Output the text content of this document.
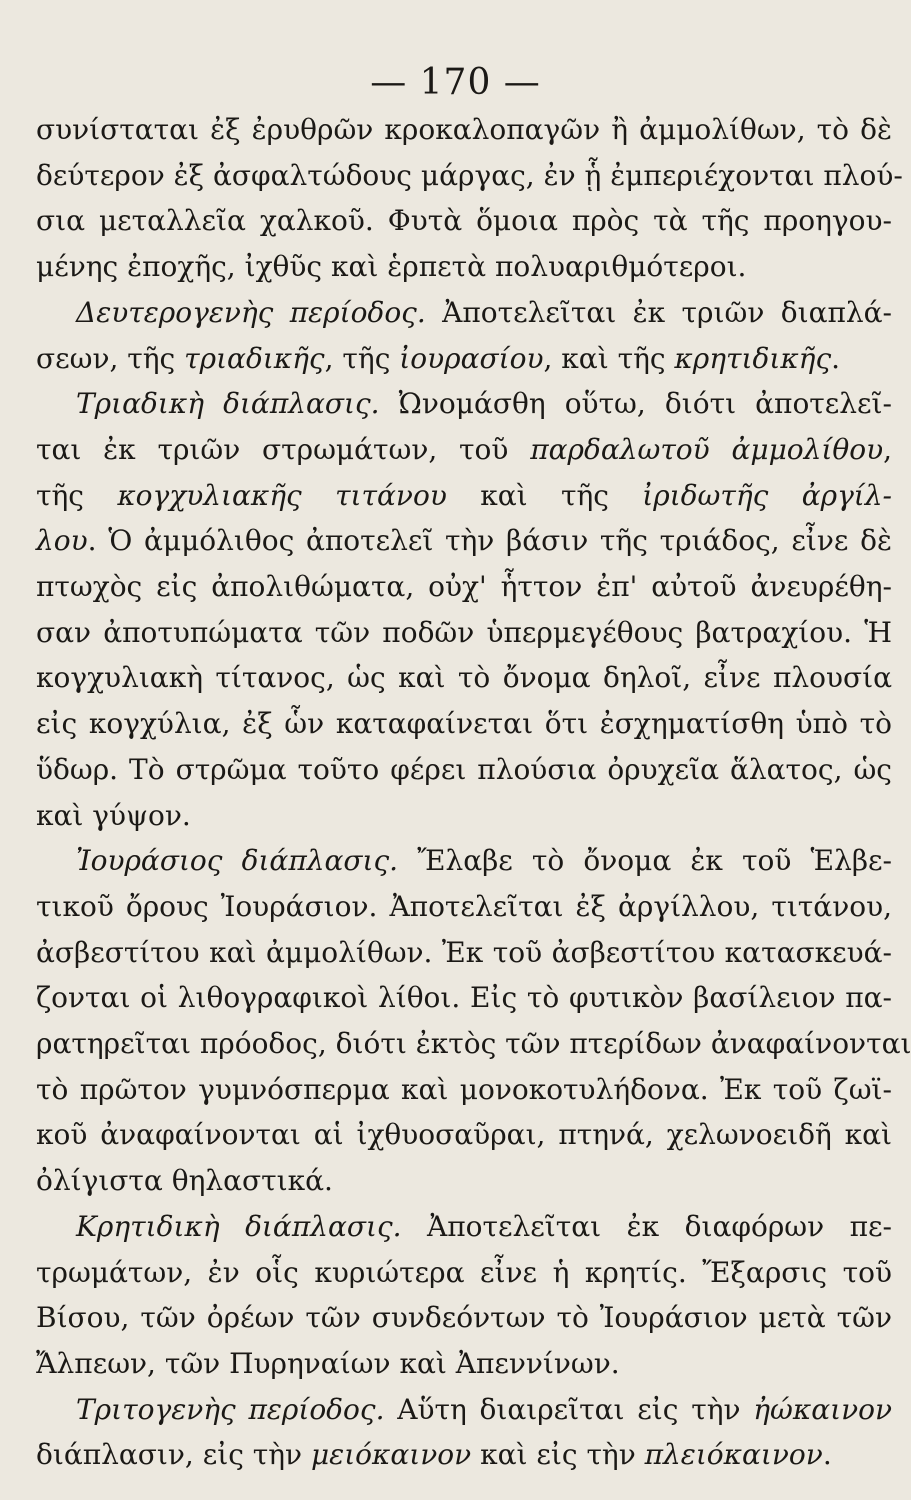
— 170 —
συνίσταται ἐξ ἐρυθρῶν κροκαλοπαγῶν ἢ ἀμμολίθων, τὸ δὲ
δεύτερον ἐξ ἀσφαλτώδους μάργας, ἐν ᾗ ἐμπεριέχονται πλού-
σια μεταλλεῖα χαλκοῦ. Φυτὰ ὅμοια πρὸς τὰ τῆς προηγου-
μένης ἐποχῆς, ἰχθῦς καὶ ἑρπετὰ πολυαριθμότεροι.
Δευτερογενὴς περίοδος. Ἀποτελεῖται ἐκ τριῶν διαπλά-
σεων, τῆς τριαδικῆς, τῆς ἰουρασίου, καὶ τῆς κρητιδικῆς.
Τριαδικὴ διάπλασις. Ὠνομάσθη οὕτω, διότι ἀποτελεῖ-
ται ἐκ τριῶν στρωμάτων, τοῦ παρδαλωτοῦ ἀμμολίθου,
τῆς κογχυλιακῆς τιτάνου καὶ τῆς ἰριδωτῆς ἀργίλ-
λου. Ὁ ἀμμόλιθος ἀποτελεῖ τὴν βάσιν τῆς τριάδος, εἶνε δὲ
πτωχὸς εἰς ἀπολιθώματα, οὐχ' ἧττον ἐπ' αὐτοῦ ἀνευρέθη-
σαν ἀποτυπώματα τῶν ποδῶν ὑπερμεγέθους βατραχίου. Ἡ
κογχυλιακὴ τίτανος, ὡς καὶ τὸ ὄνομα δηλοῖ, εἶνε πλουσία
εἰς κογχύλια, ἐξ ὧν καταφαίνεται ὅτι ἐσχηματίσθη ὑπὸ τὸ
ὕδωρ. Τὸ στρῶμα τοῦτο φέρει πλούσια ὀρυχεῖα ἅλατος, ὡς
καὶ γύψον.
Ἰουράσιος διάπλασις. Ἔλαβε τὸ ὄνομα ἐκ τοῦ Ἑλβε-
τικοῦ ὄρους Ἰουράσιον. Ἀποτελεῖται ἐξ ἀργίλλου, τιτάνου,
ἀσβεστίτου καὶ ἀμμολίθων. Ἐκ τοῦ ἀσβεστίτου κατασκευά-
ζονται οἱ λιθογραφικοὶ λίθοι. Εἰς τὸ φυτικὸν βασίλειον πα-
ρατηρεῖται πρόοδος, διότι ἐκτὸς τῶν πτερίδων ἀναφαίνονται
τὸ πρῶτον γυμνόσπερμα καὶ μονοκοτυλήδονα. Ἐκ τοῦ ζωϊ-
κοῦ ἀναφαίνονται αἱ ἰχθυοσαῦραι, πτηνά, χελωνοειδῆ καὶ
ὀλίγιστα θηλαστικά.
Κρητιδικὴ διάπλασις. Ἀποτελεῖται ἐκ διαφόρων πε-
τρωμάτων, ἐν οἷς κυριώτερα εἶνε ἡ κρητίς. Ἔξαρσις τοῦ
Βίσου, τῶν ὀρέων τῶν συνδεόντων τὸ Ἰουράσιον μετὰ τῶν
Ἄλπεων, τῶν Πυρηναίων καὶ Ἀπεννίνων.
Τριτογενὴς περίοδος. Αὕτη διαιρεῖται εἰς τὴν ἠώκαινον
διάπλασιν, εἰς τὴν μειόκαινον καὶ εἰς τὴν πλειόκαινον.
